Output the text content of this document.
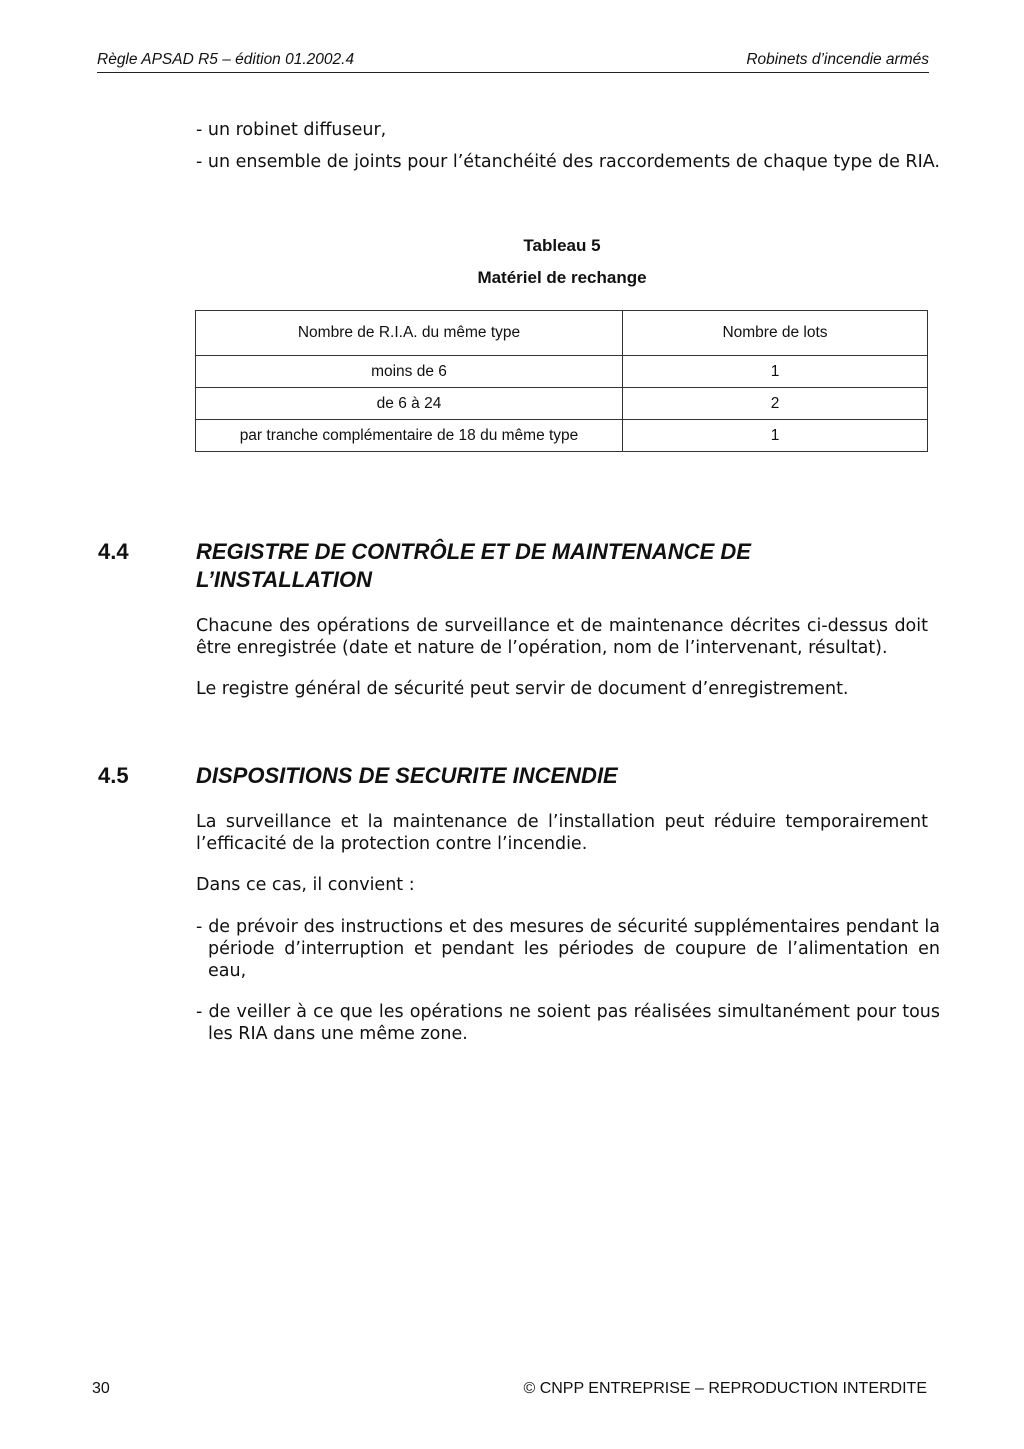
Règle APSAD R5 – édition 01.2002.4	Robinets d’incendie armés
- un robinet diffuseur,
- un ensemble de joints pour l’étanchéité des raccordements de chaque type de RIA.
Tableau 5
Matériel de rechange
Nombre de R.I.A. du même type	Nombre de lots
moins de 6	1
de 6 à 24	2
par tranche complémentaire de 18 du même type	1
4.4	REGISTRE DE CONTRÔLE ET DE MAINTENANCE DE L’INSTALLATION
Chacune des opérations de surveillance et de maintenance décrites ci-dessus doit être enregistrée (date et nature de l’opération, nom de l’intervenant, résultat).
Le registre général de sécurité peut servir de document d’enregistrement.
4.5	DISPOSITIONS DE SECURITE INCENDIE
La surveillance et la maintenance de l’installation peut réduire temporairement l’efficacité de la protection contre l’incendie.
Dans ce cas, il convient :
- de prévoir des instructions et des mesures de sécurité supplémentaires pendant la période d’interruption et pendant les périodes de coupure de l’alimentation en eau,
- de veiller à ce que les opérations ne soient pas réalisées simultanément pour tous les RIA dans une même zone.
30	© CNPP ENTREPRISE – REPRODUCTION INTERDITE
